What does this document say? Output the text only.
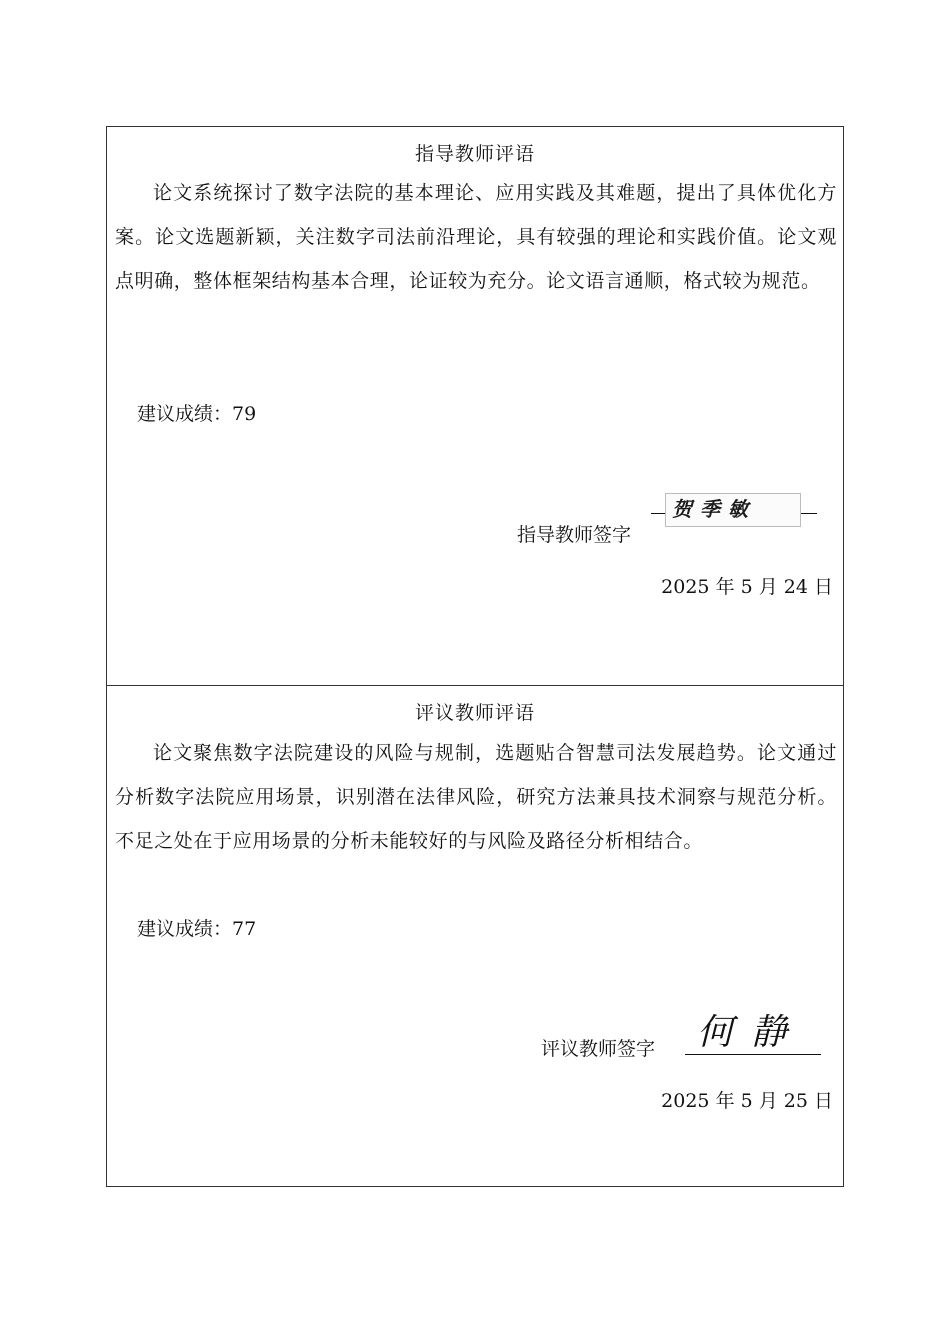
指导教师评语
论文系统探讨了数字法院的基本理论、应用实践及其难题，提出了具体优化方案。论文选题新颖，关注数字司法前沿理论，具有较强的理论和实践价值。论文观点明确，整体框架结构基本合理，论证较为充分。论文语言通顺，格式较为规范。
建议成绩：79
指导教师签字
贺季敏
2025 年 5 月 24 日
评议教师评语
论文聚焦数字法院建设的风险与规制，选题贴合智慧司法发展趋势。论文通过分析数字法院应用场景，识别潜在法律风险，研究方法兼具技术洞察与规范分析。不足之处在于应用场景的分析未能较好的与风险及路径分析相结合。
建议成绩：77
评议教师签字 何静
2025 年 5 月 25 日
